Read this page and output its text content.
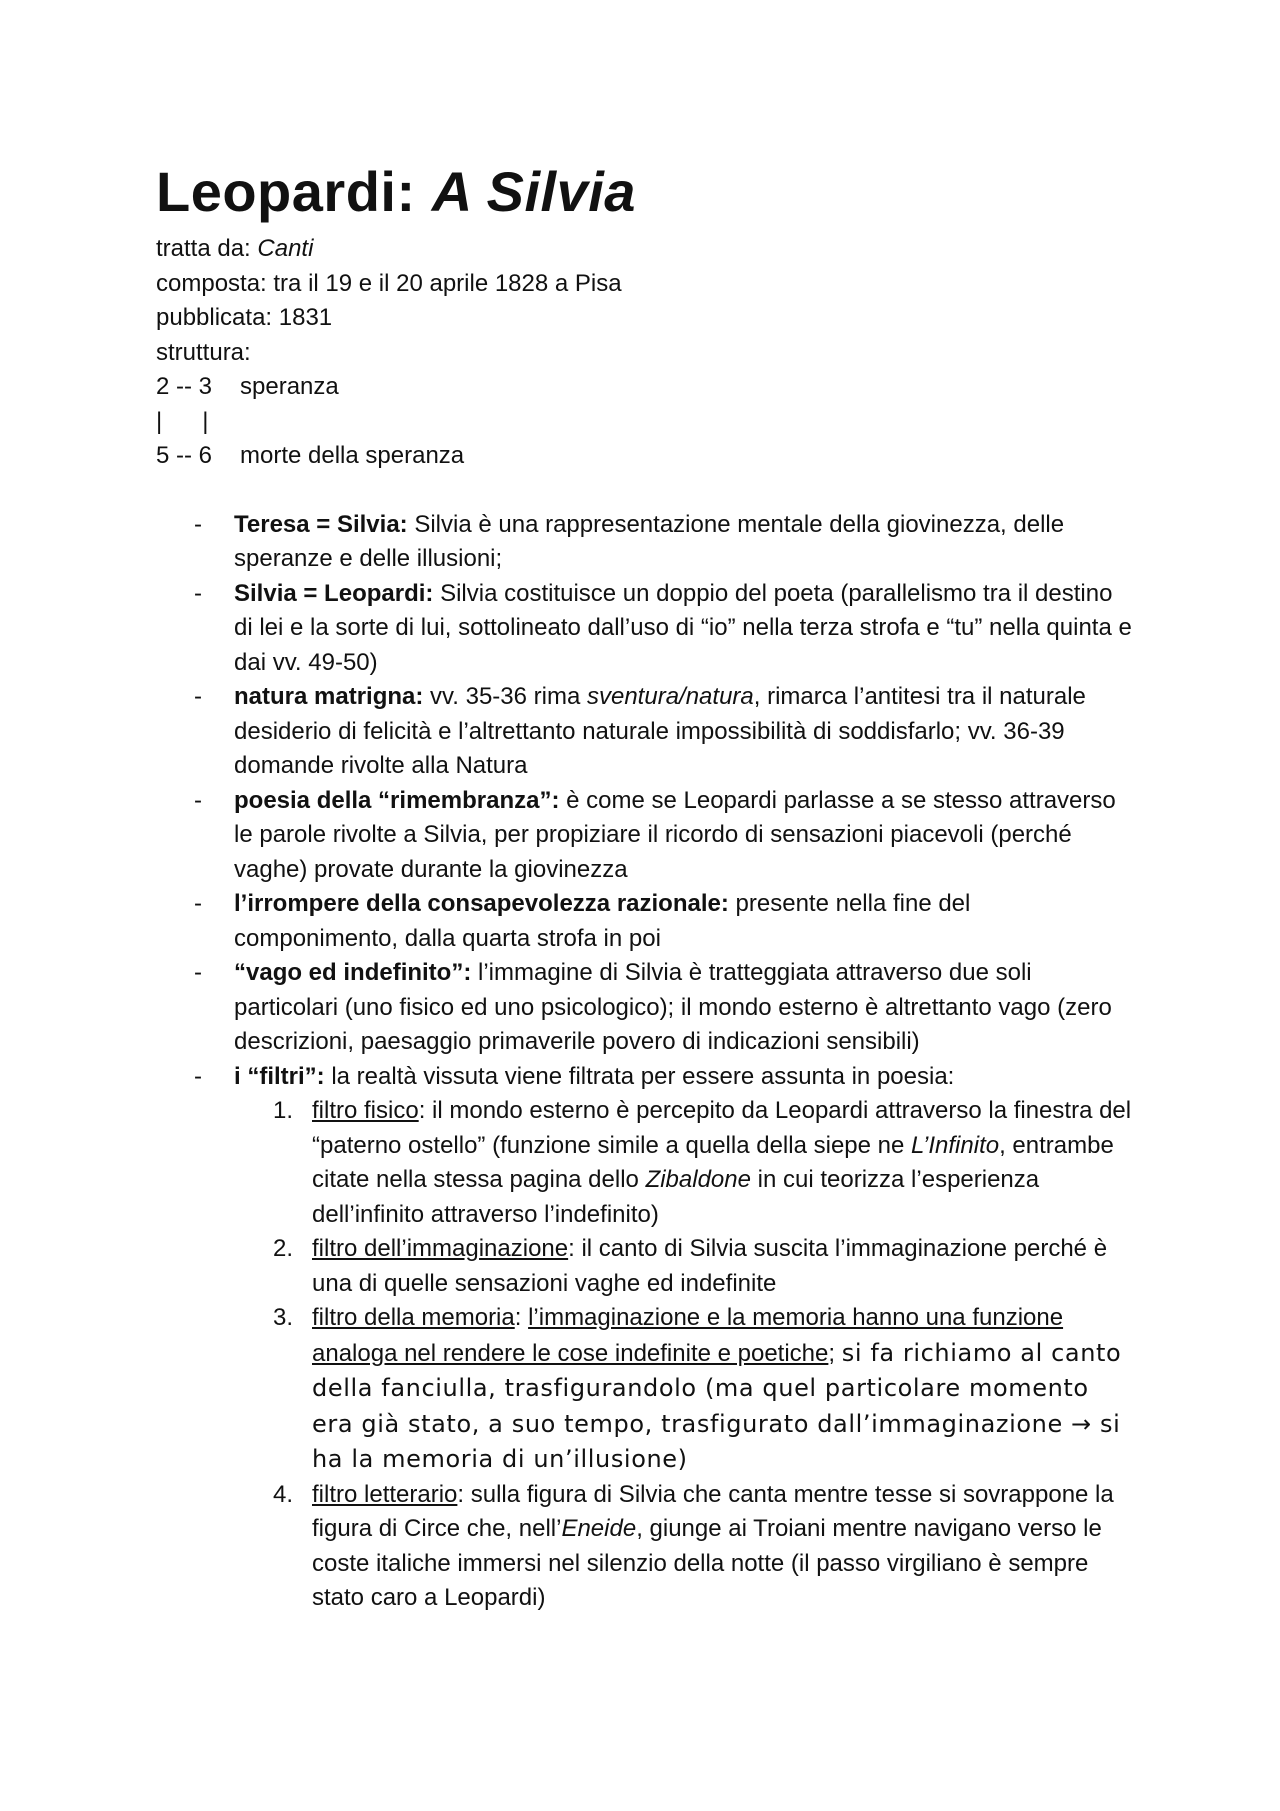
Leopardi: A Silvia
tratta da: Canti
composta: tra il 19 e il 20 aprile 1828 a Pisa
pubblicata: 1831
struttura:
2 -- 3 speranza
|      |
5 -- 6 morte della speranza
- Teresa = Silvia: Silvia è una rappresentazione mentale della giovinezza, delle speranze e delle illusioni;
- Silvia = Leopardi: Silvia costituisce un doppio del poeta (parallelismo tra il destino di lei e la sorte di lui, sottolineato dall’uso di “io” nella terza strofa e “tu” nella quinta e dai vv. 49-50)
- natura matrigna: vv. 35-36 rima sventura/natura, rimarca l’antitesi tra il naturale desiderio di felicità e l’altrettanto naturale impossibilità di soddisfarlo; vv. 36-39 domande rivolte alla Natura
- poesia della “rimembranza”: è come se Leopardi parlasse a se stesso attraverso le parole rivolte a Silvia, per propiziare il ricordo di sensazioni piacevoli (perché vaghe) provate durante la giovinezza
- l’irrompere della consapevolezza razionale: presente nella fine del componimento, dalla quarta strofa in poi
- “vago ed indefinito”: l’immagine di Silvia è tratteggiata attraverso due soli particolari (uno fisico ed uno psicologico); il mondo esterno è altrettanto vago (zero descrizioni, paesaggio primaverile povero di indicazioni sensibili)
- i “filtri”: la realtà vissuta viene filtrata per essere assunta in poesia:
1. filtro fisico: il mondo esterno è percepito da Leopardi attraverso la finestra del “paterno ostello” (funzione simile a quella della siepe ne L’Infinito, entrambe citate nella stessa pagina dello Zibaldone in cui teorizza l’esperienza dell’infinito attraverso l’indefinito)
2. filtro dell’immaginazione: il canto di Silvia suscita l’immaginazione perché è una di quelle sensazioni vaghe ed indefinite
3. filtro della memoria: l’immaginazione e la memoria hanno una funzione analoga nel rendere le cose indefinite e poetiche; si fa richiamo al canto della fanciulla, trasfigurandolo (ma quel particolare momento era già stato, a suo tempo, trasfigurato dall’immaginazione → si ha la memoria di un’illusione)
4. filtro letterario: sulla figura di Silvia che canta mentre tesse si sovrappone la figura di Circe che, nell’Eneide, giunge ai Troiani mentre navigano verso le coste italiche immersi nel silenzio della notte (il passo virgiliano è sempre stato caro a Leopardi)
